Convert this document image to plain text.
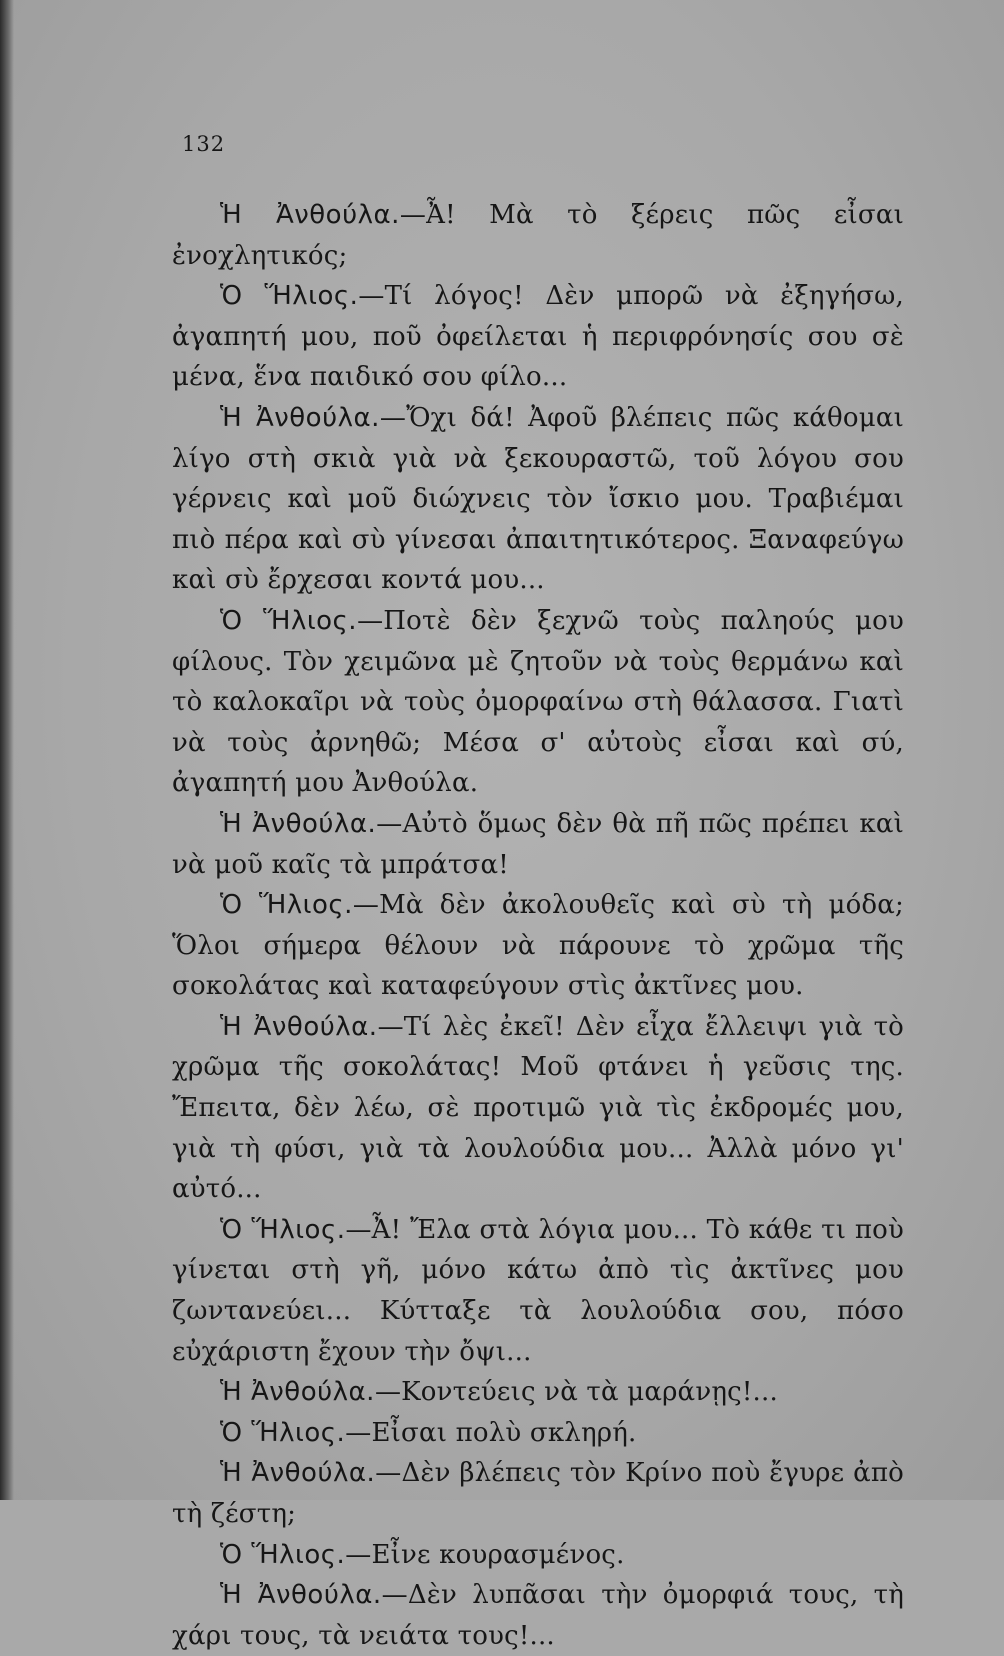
132

Ἡ Ἀνθούλα.—Ἆ! Μὰ τὸ ξέρεις πῶς εἶσαι ἐνοχλητικός;

Ὁ Ἥλιος.—Τί λόγος! Δὲν μπορῶ νὰ ἐξηγήσω, ἀγαπητή μου, ποῦ ὀφείλεται ἡ περιφρόνησίς σου σὲ μένα, ἕνα παιδικό σου φίλο...

Ἡ Ἀνθούλα.—Ὄχι δά! Ἀφοῦ βλέπεις πῶς κάθομαι λίγο στὴ σκιὰ γιὰ νὰ ξεκουραστῶ, τοῦ λόγου σου γέρνεις καὶ μοῦ διώχνεις τὸν ἴσκιο μου. Τραβιέμαι πιὸ πέρα καὶ σὺ γίνεσαι ἀπαιτητικότερος. Ξαναφεύγω καὶ σὺ ἔρχεσαι κοντά μου...

Ὁ Ἥλιος.—Ποτὲ δὲν ξεχνῶ τοὺς παληούς μου φίλους. Τὸν χειμῶνα μὲ ζητοῦν νὰ τοὺς θερμάνω καὶ τὸ καλοκαῖρι νὰ τοὺς ὀμορφαίνω στὴ θάλασσα. Γιατὶ νὰ τοὺς ἀρνηθῶ; Μέσα σ' αὐτοὺς εἶσαι καὶ σύ, ἀγαπητή μου Ἀνθούλα.

Ἡ Ἀνθούλα.—Αὐτὸ ὅμως δὲν θὰ πῆ πῶς πρέπει καὶ νὰ μοῦ καῖς τὰ μπράτσα!

Ὁ Ἥλιος.—Μὰ δὲν ἀκολουθεῖς καὶ σὺ τὴ μόδα; Ὅλοι σήμερα θέλουν νὰ πάρουνε τὸ χρῶμα τῆς σοκολάτας καὶ καταφεύγουν στὶς ἀκτῖνες μου.

Ἡ Ἀνθούλα.—Τί λὲς ἐκεῖ! Δὲν εἶχα ἔλλειψι γιὰ τὸ χρῶμα τῆς σοκολάτας! Μοῦ φτάνει ἡ γεῦσις της. Ἔπειτα, δὲν λέω, σὲ προτιμῶ γιὰ τὶς ἐκδρομές μου, γιὰ τὴ φύσι, γιὰ τὰ λουλούδια μου... Ἀλλὰ μόνο γι' αὐτό...

Ὁ Ἥλιος.—Ἆ! Ἔλα στὰ λόγια μου... Τὸ κάθε τι ποὺ γίνεται στὴ γῆ, μόνο κάτω ἀπὸ τὶς ἀκτῖνες μου ζωντανεύει... Κύτταξε τὰ λουλούδια σου, πόσο εὐχάριστη ἔχουν τὴν ὄψι...

Ἡ Ἀνθούλα.—Κοντεύεις νὰ τὰ μαράνῃς!...

Ὁ Ἥλιος.—Εἶσαι πολὺ σκληρή.

Ἡ Ἀνθούλα.—Δὲν βλέπεις τὸν Κρίνο ποὺ ἔγυρε ἀπὸ τὴ ζέστη;

Ὁ Ἥλιος.—Εἶνε κουρασμένος.

Ἡ Ἀνθούλα.—Δὲν λυπᾶσαι τὴν ὀμορφιά τους, τὴ χάρι τους, τὰ νειάτα τους!...
